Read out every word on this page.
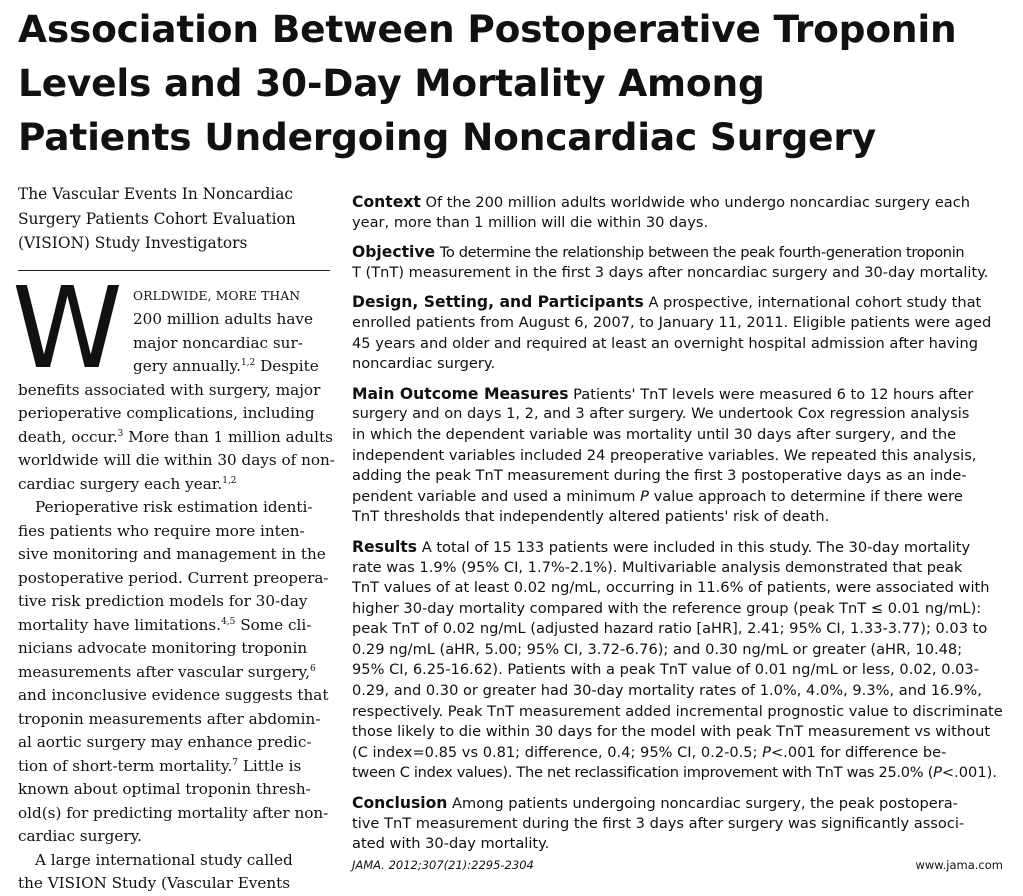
Association Between Postoperative Troponin
Levels and 30-Day Mortality Among
Patients Undergoing Noncardiac Surgery

The Vascular Events In Noncardiac
Surgery Patients Cohort Evaluation
(VISION) Study Investigators

W ORLDWIDE, MORE THAN
200 million adults have
major noncardiac sur-
gery annually.$^{1,2}$ Despite
benefits associated with surgery, major
perioperative complications, including
death, occur.$^3$ More than 1 million adults
worldwide will die within 30 days of non-
cardiac surgery each year.$^{1,2}$
Perioperative risk estimation identi-
fies patients who require more inten-
sive monitoring and management in the
postoperative period. Current preopera-
tive risk prediction models for 30-day
mortality have limitations.$^{4,5}$ Some cli-
nicians advocate monitoring troponin
measurements after vascular surgery,$^6$
and inconclusive evidence suggests that
troponin measurements after abdomin-
al aortic surgery may enhance predic-
tion of short-term mortality.$^7$ Little is
known about optimal troponin thresh-
old(s) for predicting mortality after non-
cardiac surgery.
A large international study called
the VISION Study (Vascular Events
Context Of the 200 million adults worldwide who undergo noncardiac surgery each
year, more than 1 million will die within 30 days.
Objective To determine the relationship between the peak fourth-generation troponin
T (TnT) measurement in the first 3 days after noncardiac surgery and 30-day mortality.
Design, Setting, and Participants A prospective, international cohort study that
enrolled patients from August 6, 2007, to January 11, 2011. Eligible patients were aged
45 years and older and required at least an overnight hospital admission after having
noncardiac surgery.
Main Outcome Measures Patients' TnT levels were measured 6 to 12 hours after
surgery and on days 1, 2, and 3 after surgery. We undertook Cox regression analysis
in which the dependent variable was mortality until 30 days after surgery, and the
independent variables included 24 preoperative variables. We repeated this analysis,
adding the peak TnT measurement during the first 3 postoperative days as an inde-
pendent variable and used a minimum P value approach to determine if there were
TnT thresholds that independently altered patients' risk of death.
Results A total of 15 133 patients were included in this study. The 30-day mortality
rate was 1.9% (95% CI, 1.7%-2.1%). Multivariable analysis demonstrated that peak
TnT values of at least 0.02 ng/mL, occurring in 11.6% of patients, were associated with
higher 30-day mortality compared with the reference group (peak TnT ≤ 0.01 ng/mL):
peak TnT of 0.02 ng/mL (adjusted hazard ratio [aHR], 2.41; 95% CI, 1.33-3.77); 0.03 to
0.29 ng/mL (aHR, 5.00; 95% CI, 3.72-6.76); and 0.30 ng/mL or greater (aHR, 10.48;
95% CI, 6.25-16.62). Patients with a peak TnT value of 0.01 ng/mL or less, 0.02, 0.03-
0.29, and 0.30 or greater had 30-day mortality rates of 1.0%, 4.0%, 9.3%, and 16.9%,
respectively. Peak TnT measurement added incremental prognostic value to discriminate
those likely to die within 30 days for the model with peak TnT measurement vs without
(C index=0.85 vs 0.81; difference, 0.4; 95% CI, 0.2-0.5; P<.001 for difference be-
tween C index values). The net reclassification improvement with TnT was 25.0% (P<.001).
Conclusion Among patients undergoing noncardiac surgery, the peak postopera-
tive TnT measurement during the first 3 days after surgery was significantly associ-
ated with 30-day mortality.
JAMA. 2012;307(21):2295-2304	www.jama.com
